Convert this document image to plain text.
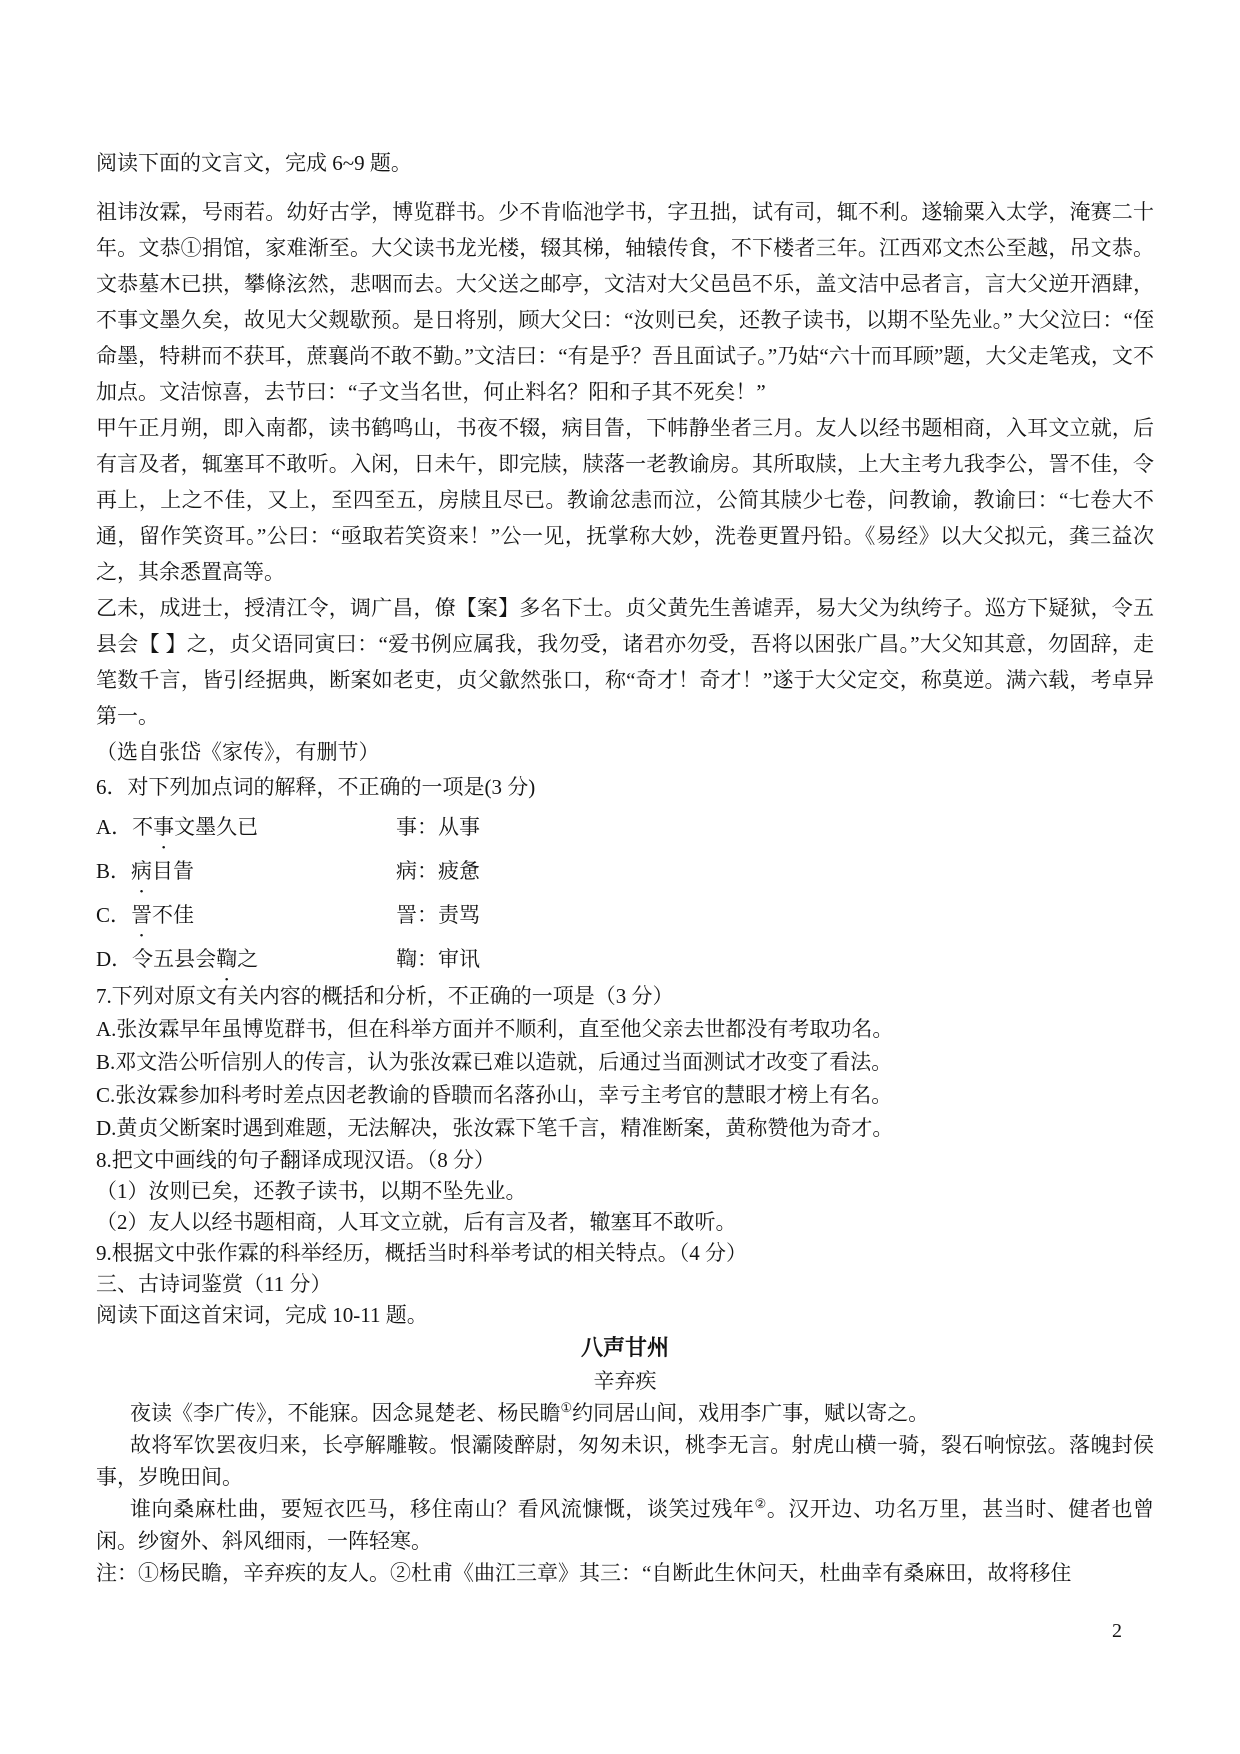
阅读下面的文言文，完成 6~9 题。

祖讳汝霖，号雨若。幼好古学，博览群书。少不肯临池学书，字丑拙，试有司，辄不利。遂输粟入太学，淹赛二十年。文恭①捐馆，家难渐至。大父读书龙光楼，辍其梯，轴辕传食，不下楼者三年。江西邓文杰公至越，吊文恭。文恭墓木已拱，攀條泫然，悲咽而去。大父送之邮亭，文洁对大父邑邑不乐，盖文洁中忌者言，言大父逆开酒肆，不事文墨久矣，故见大父觌歇预。是日将别，顾大父曰：“汝则已矣，还教子读书，以期不坠先业。” 大父泣曰：“侄命墨，特耕而不获耳，蔗襄尚不敢不勤。”文洁曰：“有是乎？吾且面试子。”乃姑“六十而耳顾”题，大父走笔戎，文不加点。文洁惊喜，去节曰：“子文当名世，何止料名？阳和子其不死矣！”

甲午正月朔，即入南都，读书鹤鸣山，书夜不辍，病目眚，下帏静坐者三月。友人以经书题相商，入耳文立就，后有言及者，辄塞耳不敢听。入闲，日未午，即完牍，牍落一老教谕房。其所取牍，上大主考九我李公，詈不佳，令再上，上之不佳，又上，至四至五，房牍且尽已。教谕忿恚而泣，公简其牍少七卷，问教谕，教谕曰：“七卷大不通，留作笑资耳。”公曰：“亟取若笑资来！”公一见，抚掌称大妙，洗卷更置丹铅。《易经》以大父拟元，龚三益次之，其余悉置高等。

乙未，成进士，授清江令，调广昌，僚【案】多名下士。贞父黄先生善谑弄，易大父为纨绔子。巡方下疑狱，令五县会【 】之，贞父语同寅曰：“爱书例应属我，我勿受，诸君亦勿受，吾将以困张广昌。”大父知其意，勿固辞，走笔数千言，皆引经据典，断案如老吏，贞父歙然张口，称“奇才！奇才！”遂于大父定交，称莫逆。满六载，考卓异第一。

（选自张岱《家传》，有删节）

6．对下列加点词的解释，不正确的一项是(3 分)

A．不事文墨久已	事：从事
B．病目眚	病：疲惫
C．詈不佳	詈：责骂
D．令五县会鞫之	鞫：审讯

7.下列对原文有关内容的概括和分析，不正确的一项是（3 分）

A.张汝霖早年虽博览群书，但在科举方面并不顺利，直至他父亲去世都没有考取功名。

B.邓文浩公听信别人的传言，认为张汝霖已难以造就，后通过当面测试才改变了看法。

C.张汝霖参加科考时差点因老教谕的昏聩而名落孙山，幸亏主考官的慧眼才榜上有名。

D.黄贞父断案时遇到难题，无法解决，张汝霖下笔千言，精准断案，黄称赞他为奇才。

8.把文中画线的句子翻译成现汉语。（8 分）

（1）汝则已矣，还教子读书，以期不坠先业。

（2）友人以经书题相商，人耳文立就，后有言及者，辙塞耳不敢听。

9.根据文中张作霖的科举经历，概括当时科举考试的相关特点。（4 分）

三、古诗词鉴赏（11 分）

阅读下面这首宋词，完成 10-11 题。

八声甘州

辛弃疾

夜读《李广传》，不能寐。因念晁楚老、杨民瞻①约同居山间，戏用李广事，赋以寄之。

故将军饮罢夜归来，长亭解雕鞍。恨灞陵醉尉，匆匆未识，桃李无言。射虎山横一骑，裂石响惊弦。落魄封侯事，岁晚田间。

谁向桑麻杜曲，要短衣匹马，移住南山？看风流慷慨，谈笑过残年②。汉开边、功名万里，甚当时、健者也曾闲。纱窗外、斜风细雨，一阵轻寒。

注：①杨民瞻，辛弃疾的友人。②杜甫《曲江三章》其三：“自断此生休问天，杜曲幸有桑麻田，故将移住

2
